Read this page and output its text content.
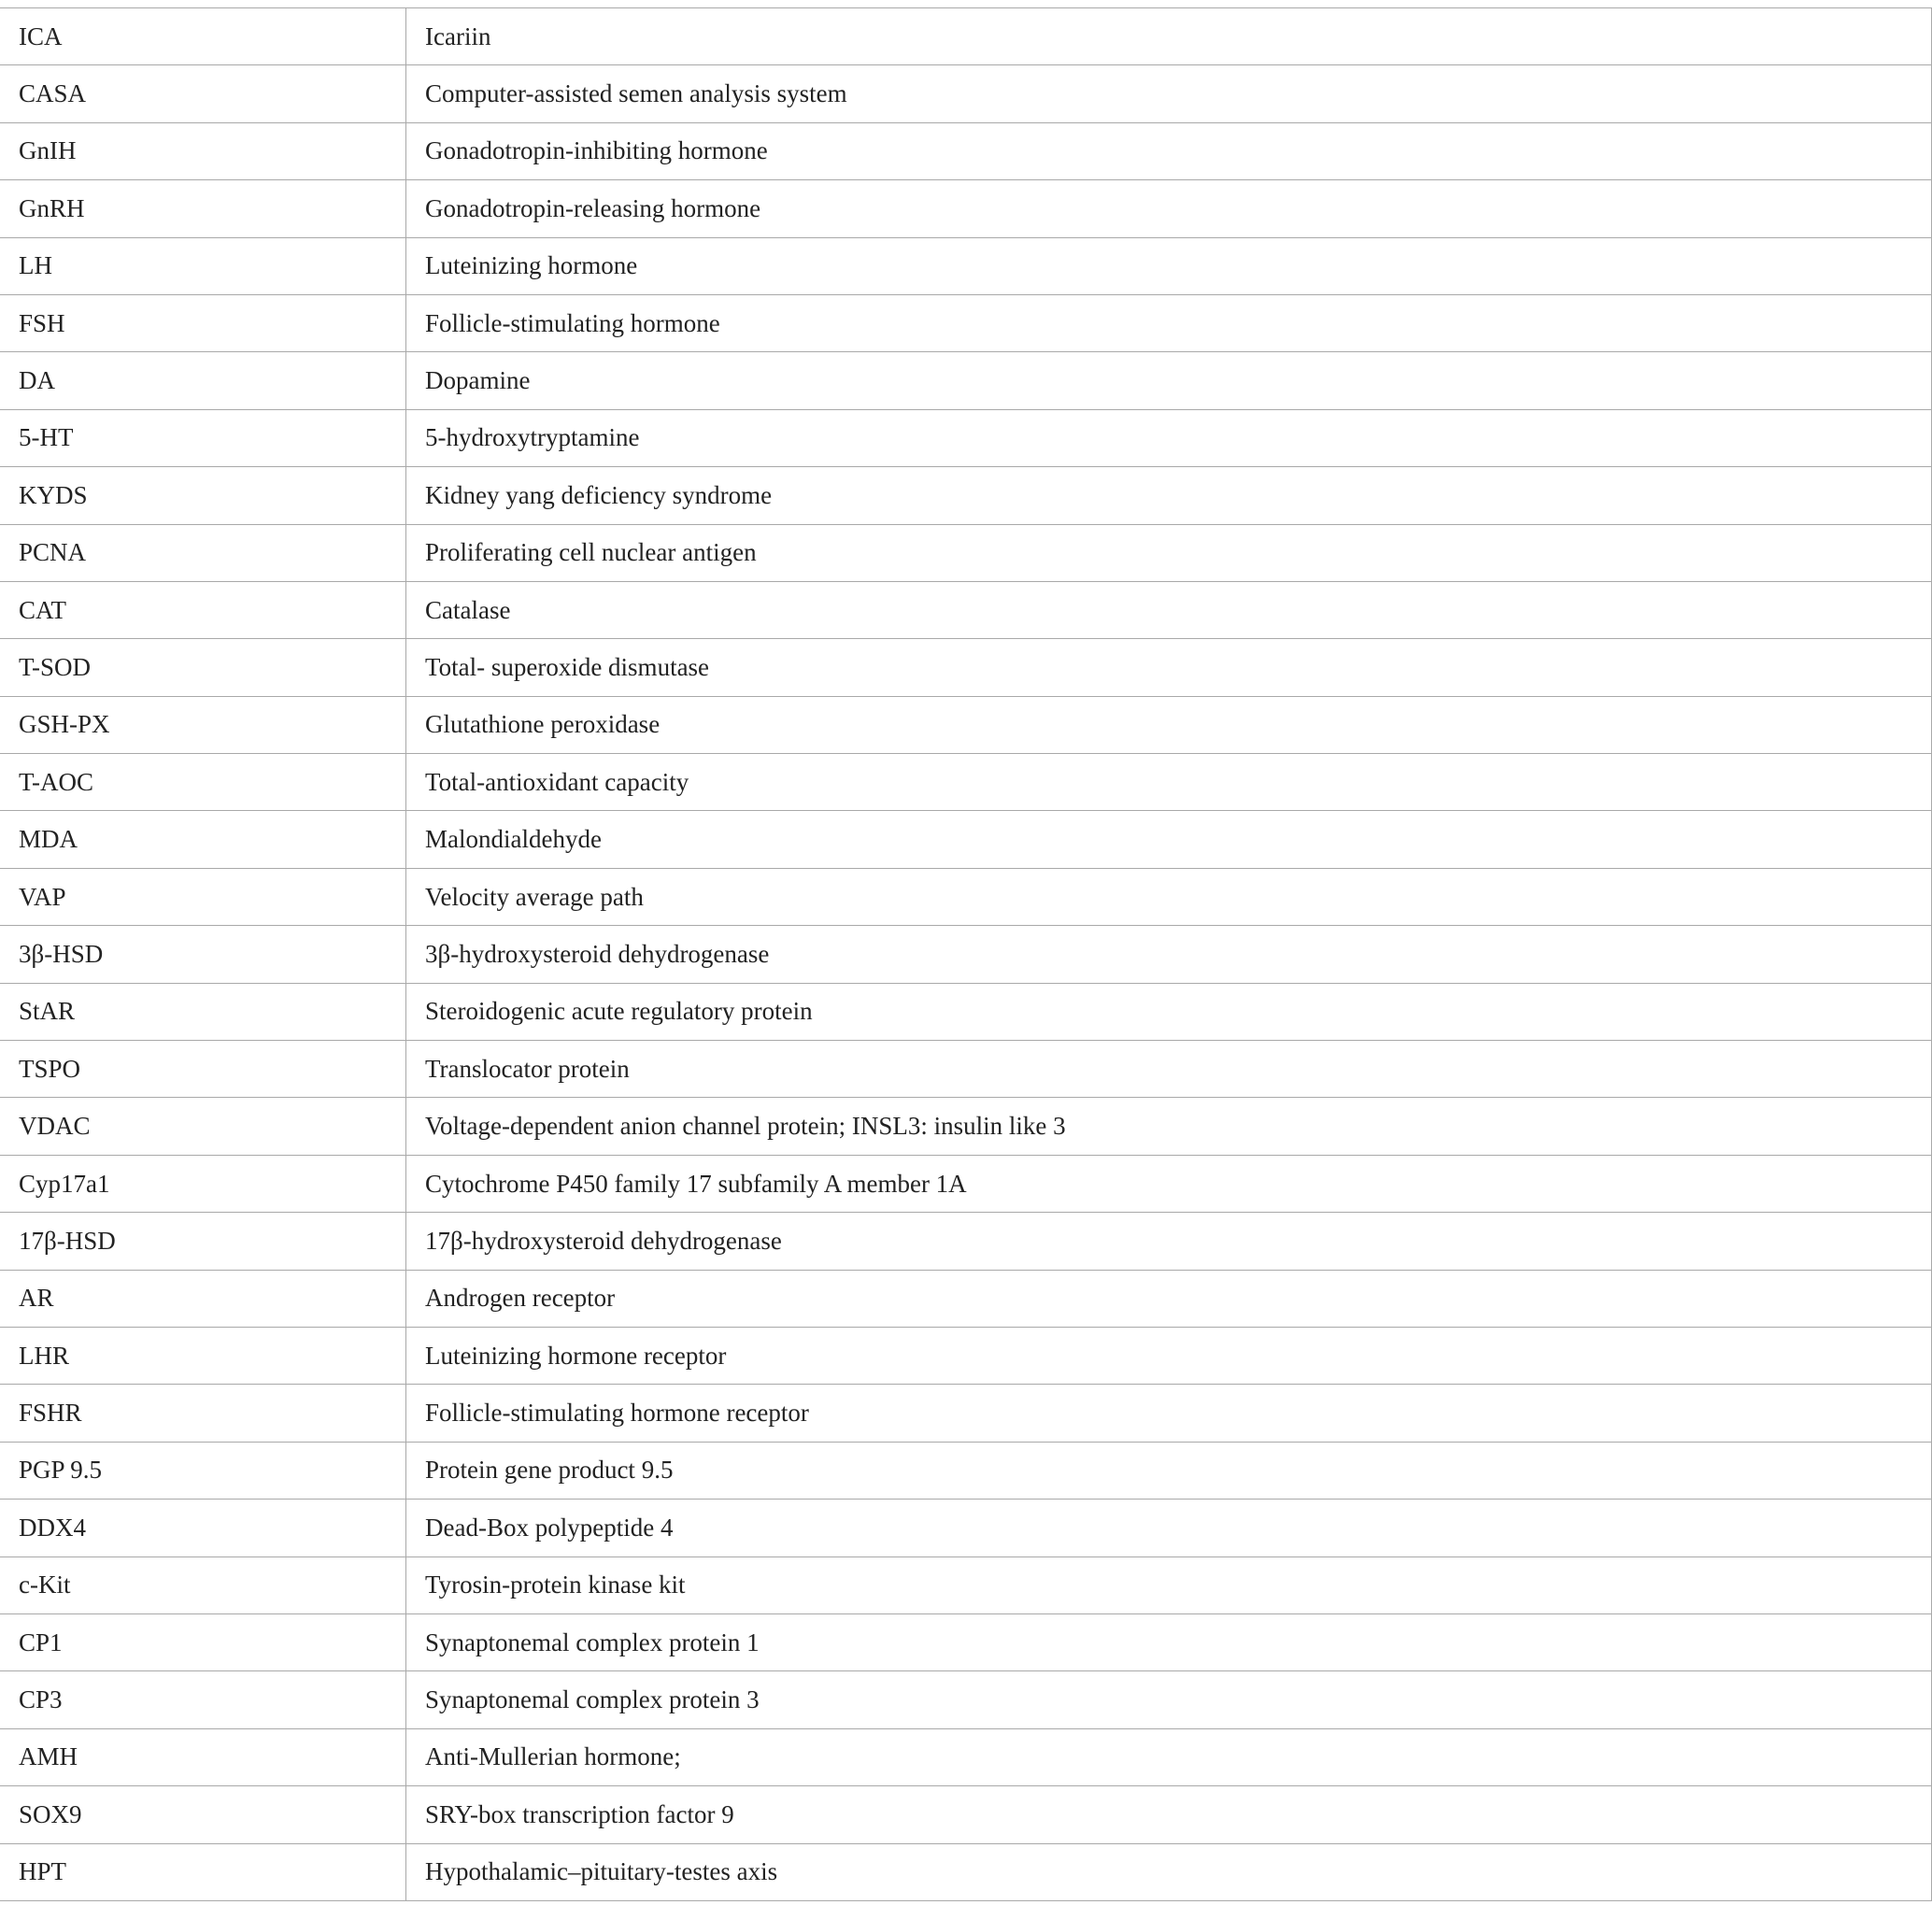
ICA	Icariin
CASA	Computer-assisted semen analysis system
GnIH	Gonadotropin-inhibiting hormone
GnRH	Gonadotropin-releasing hormone
LH	Luteinizing hormone
FSH	Follicle-stimulating hormone
DA	Dopamine
5-HT	5-hydroxytryptamine
KYDS	Kidney yang deficiency syndrome
PCNA	Proliferating cell nuclear antigen
CAT	Catalase
T-SOD	Total- superoxide dismutase
GSH-PX	Glutathione peroxidase
T-AOC	Total-antioxidant capacity
MDA	Malondialdehyde
VAP	Velocity average path
3β-HSD	3β-hydroxysteroid dehydrogenase
StAR	Steroidogenic acute regulatory protein
TSPO	Translocator protein
VDAC	Voltage-dependent anion channel protein; INSL3: insulin like 3
Cyp17a1	Cytochrome P450 family 17 subfamily A member 1A
17β-HSD	17β-hydroxysteroid dehydrogenase
AR	Androgen receptor
LHR	Luteinizing hormone receptor
FSHR	Follicle-stimulating hormone receptor
PGP 9.5	Protein gene product 9.5
DDX4	Dead-Box polypeptide 4
c-Kit	Tyrosin-protein kinase kit
CP1	Synaptonemal complex protein 1
CP3	Synaptonemal complex protein 3
AMH	Anti-Mullerian hormone;
SOX9	SRY-box transcription factor 9
HPT	Hypothalamic–pituitary-testes axis
